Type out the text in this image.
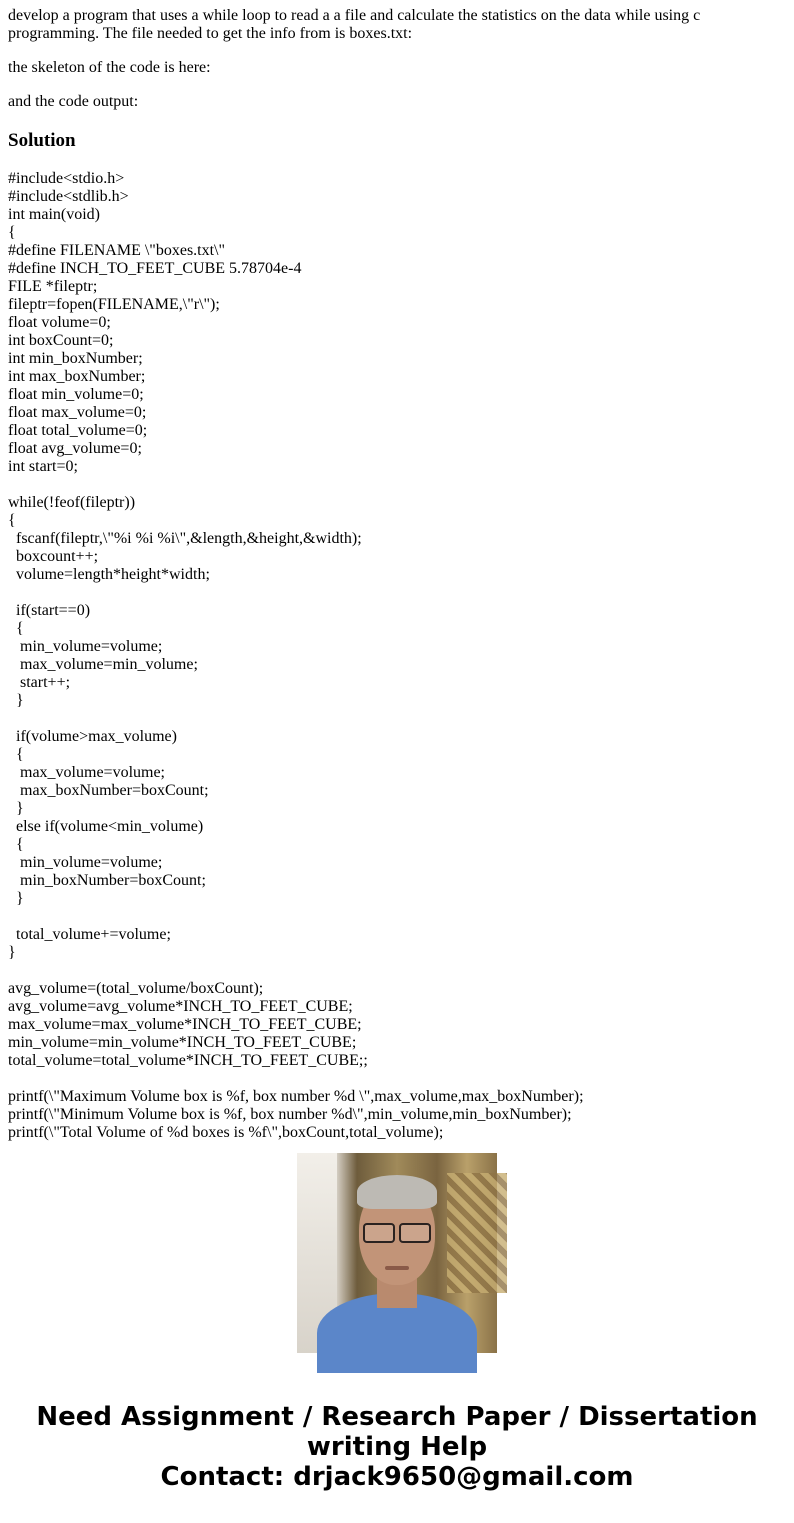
develop a program that uses a while loop to read a a file and calculate the statistics on the data while using c programming. The file needed to get the info from is boxes.txt:

the skeleton of the code is here:

and the code output:

Solution
#include<stdio.h>
#include<stdlib.h>
int main(void)
{
#define FILENAME \"boxes.txt\"
#define INCH_TO_FEET_CUBE 5.78704e-4
FILE *fileptr;
fileptr=fopen(FILENAME,\"r\");
float volume=0;
int boxCount=0;
int min_boxNumber;
int max_boxNumber;
float min_volume=0;
float max_volume=0;
float total_volume=0;
float avg_volume=0;
int start=0;
while(!feof(fileptr))
{
fscanf(fileptr,\"%i %i %i\",&length,&height,&width);
boxcount++;
volume=length*height*width;
if(start==0)
{
min_volume=volume;
max_volume=min_volume;
start++;
}
if(volume>max_volume)
{
max_volume=volume;
max_boxNumber=boxCount;
}
else if(volume<min_volume)
{
min_volume=volume;
min_boxNumber=boxCount;
}
total_volume+=volume;
}
avg_volume=(total_volume/boxCount);
avg_volume=avg_volume*INCH_TO_FEET_CUBE;
max_volume=max_volume*INCH_TO_FEET_CUBE;
min_volume=min_volume*INCH_TO_FEET_CUBE;
total_volume=total_volume*INCH_TO_FEET_CUBE;;
printf(\"Maximum Volume box is %f, box number %d \",max_volume,max_boxNumber);
printf(\"Minimum Volume box is %f, box number %d\",min_volume,min_boxNumber);
printf(\"Total Volume of %d boxes is %f\",boxCount,total_volume);
Need Assignment / Research Paper / Dissertation
writing Help
Contact: drjack9650@gmail.com
